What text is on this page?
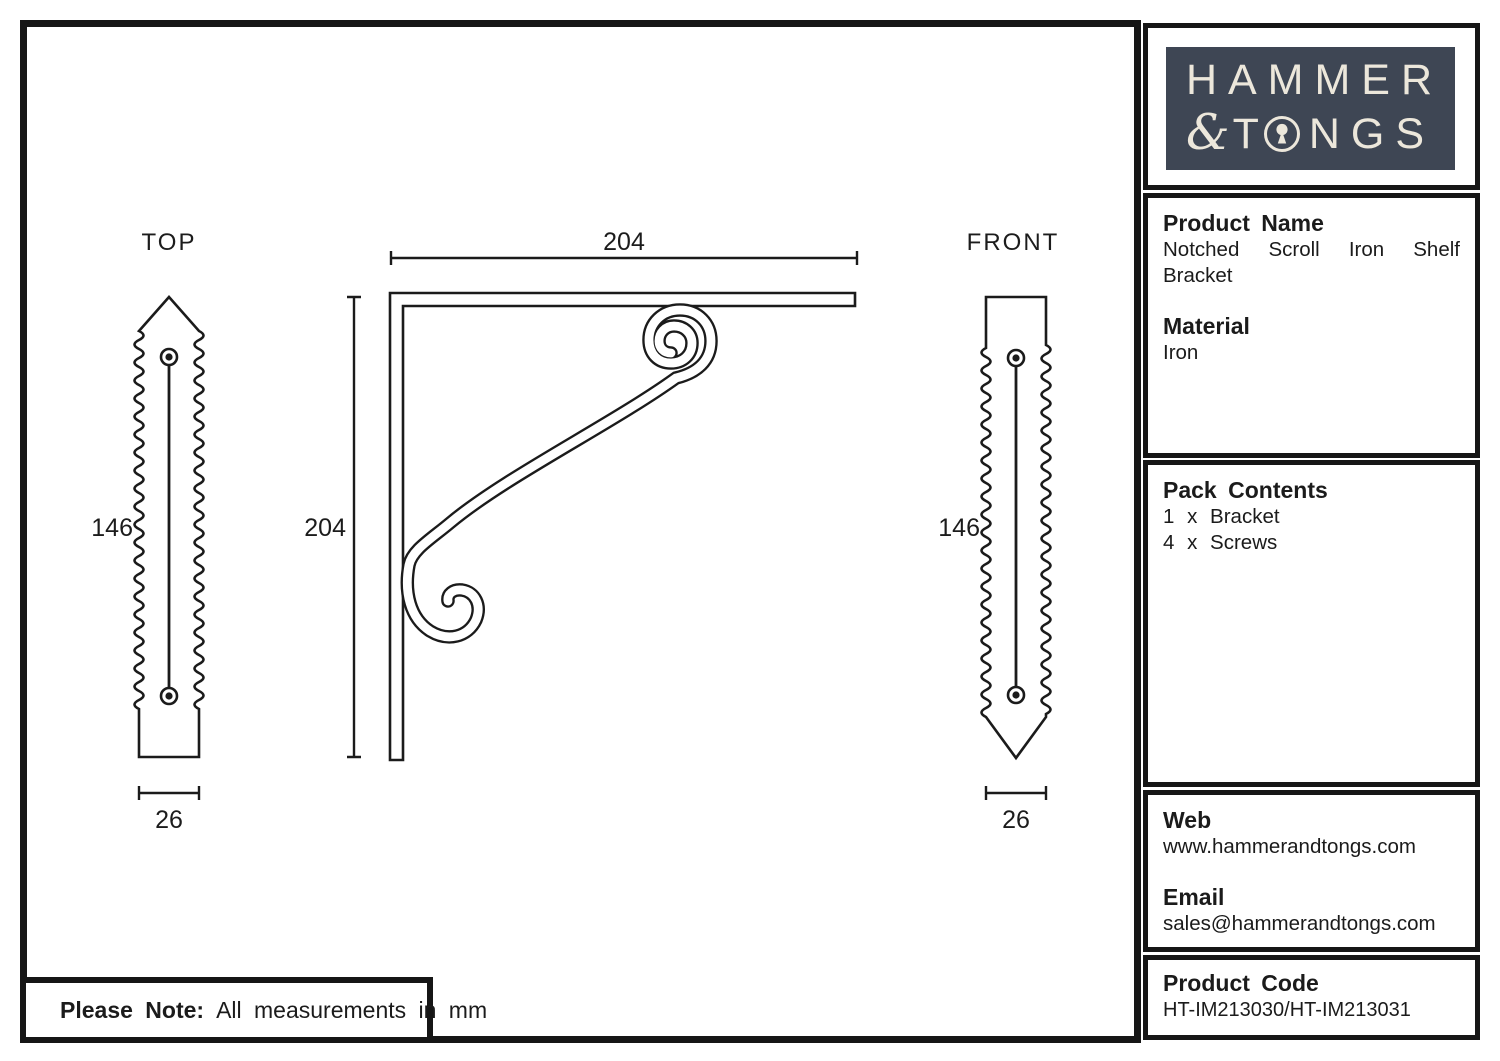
TOP
146
26
204
204
FRONT
146
26
Please Note: All measurements in mm
HAMMER
& T NGS
Product Name
Notched Scroll Iron Shelf Bracket
Material
Iron
Pack Contents
1 x Bracket
4 x Screws
Web
www.hammerandtongs.com
Email
sales@hammerandtongs.com
Product Code
HT-IM213030/HT-IM213031
